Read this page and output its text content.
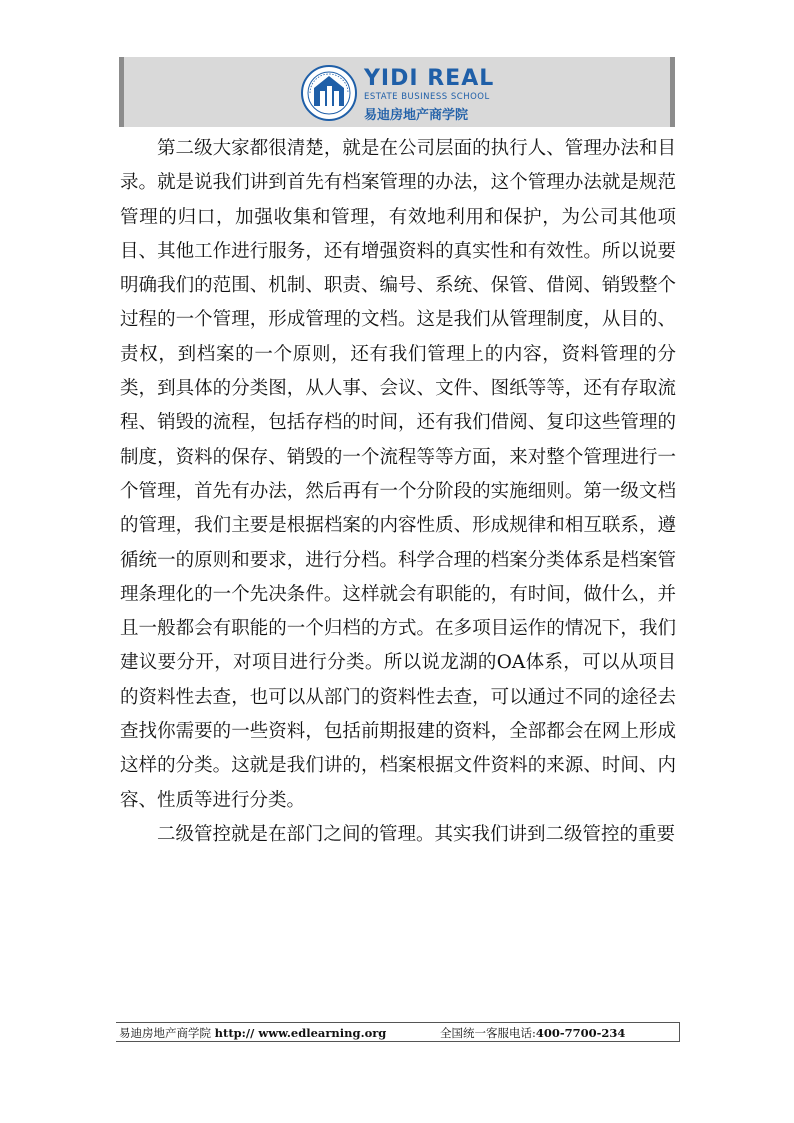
YIDI REAL
ESTATE BUSINESS SCHOOL
易迪房地产商学院

第二级大家都很清楚，就是在公司层面的执行人、管理办法和目录。就是说我们讲到首先有档案管理的办法，这个管理办法就是规范管理的归口，加强收集和管理，有效地利用和保护，为公司其他项目、其他工作进行服务，还有增强资料的真实性和有效性。所以说要明确我们的范围、机制、职责、编号、系统、保管、借阅、销毁整个过程的一个管理，形成管理的文档。这是我们从管理制度，从目的、责权，到档案的一个原则，还有我们管理上的内容，资料管理的分类，到具体的分类图，从人事、会议、文件、图纸等等，还有存取流程、销毁的流程，包括存档的时间，还有我们借阅、复印这些管理的制度，资料的保存、销毁的一个流程等等方面，来对整个管理进行一个管理，首先有办法，然后再有一个分阶段的实施细则。第一级文档的管理，我们主要是根据档案的内容性质、形成规律和相互联系，遵循统一的原则和要求，进行分档。科学合理的档案分类体系是档案管理条理化的一个先决条件。这样就会有职能的，有时间，做什么，并且一般都会有职能的一个归档的方式。在多项目运作的情况下，我们建议要分开，对项目进行分类。所以说龙湖的OA体系，可以从项目的资料性去查，也可以从部门的资料性去查，可以通过不同的途径去查找你需要的一些资料，包括前期报建的资料，全部都会在网上形成这样的分类。这就是我们讲的，档案根据文件资料的来源、时间、内容、性质等进行分类。

二级管控就是在部门之间的管理。其实我们讲到二级管控的重要

易迪房地产商学院 http:// www.edlearning.org	全国统一客服电话:400-7700-234
